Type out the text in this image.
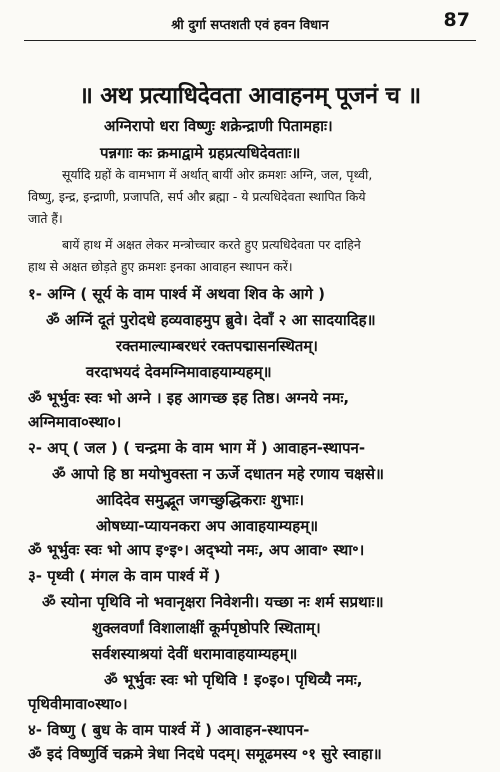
श्री दुर्गा सप्तशती एवं हवन विधान	87
॥ अथ प्रत्याधिदेवता आवाहनम् पूजनं च ॥
अग्निरापो धरा विष्णुः शक्रेन्द्राणी पितामहाः।
पन्नगाः कः क्रमाद्वामे ग्रहप्रत्यधिदेवताः॥
सूर्यादि ग्रहों के वामभाग में अर्थात् बायीं ओर क्रमशः अग्नि, जल, पृथ्वी,
विष्णु, इन्द्र, इन्द्राणी, प्रजापति, सर्प और ब्रह्मा - ये प्रत्यधिदेवता स्थापित किये
जाते हैं।
बायें हाथ में अक्षत लेकर मन्त्रोच्चार करते हुए प्रत्यधिदेवता पर दाहिने
हाथ से अक्षत छोड़ते हुए क्रमशः इनका आवाहन स्थापन करें।
१- अग्नि ( सूर्य के वाम पार्श्व में अथवा शिव के आगे )
ॐ अग्निं दूतं पुरोदधे हव्यवाहमुप ब्रुवे। देवाँ २ आ सादयादिह॥
रक्तमाल्याम्बरधरं रक्तपद्मासनस्थितम्।
वरदाभयदं देवमग्निमावाहयाम्यहम्॥
ॐ भूर्भुवः स्वः भो अग्ने । इह आगच्छ इह तिष्ठ। अग्नये नमः,
अग्निमावा०स्था०।
२- अप् ( जल ) ( चन्द्रमा के वाम भाग में ) आवाहन-स्थापन-
ॐ आपो हि ष्ठा मयोभुवस्ता न ऊर्जे दधातन महे रणाय चक्षसे॥
आदिदेव समुद्भूत जगच्छुद्धिकराः शुभाः।
ओषध्या-प्यायनकरा अप आवाहयाम्यहम्॥
ॐ भूर्भुवः स्वः भो आप इ॰इ॰। अद्भ्यो नमः, अप आवा॰ स्था॰।
३- पृथ्वी ( मंगल के वाम पार्श्व में )
ॐ स्योना पृथिवि नो भवानृक्षरा निवेशनी। यच्छा नः शर्म सप्रथाः॥
शुक्लवर्णां विशालाक्षीं कूर्मपृष्ठोपरि स्थिताम्।
सर्वशस्याश्रयां देवीं धरामावाहयाम्यहम्॥
ॐ भूर्भुवः स्वः भो पृथिवि ! इ०इ०। पृथिव्यै नमः,
पृथिवीमावा०स्था०।
४- विष्णु ( बुध के वाम पार्श्व में ) आवाहन-स्थापन-
ॐ इदं विष्णुर्वि चक्रमे त्रेधा निदधे पदम्। समूढमस्य ॰१ सुरे स्वाहा॥
